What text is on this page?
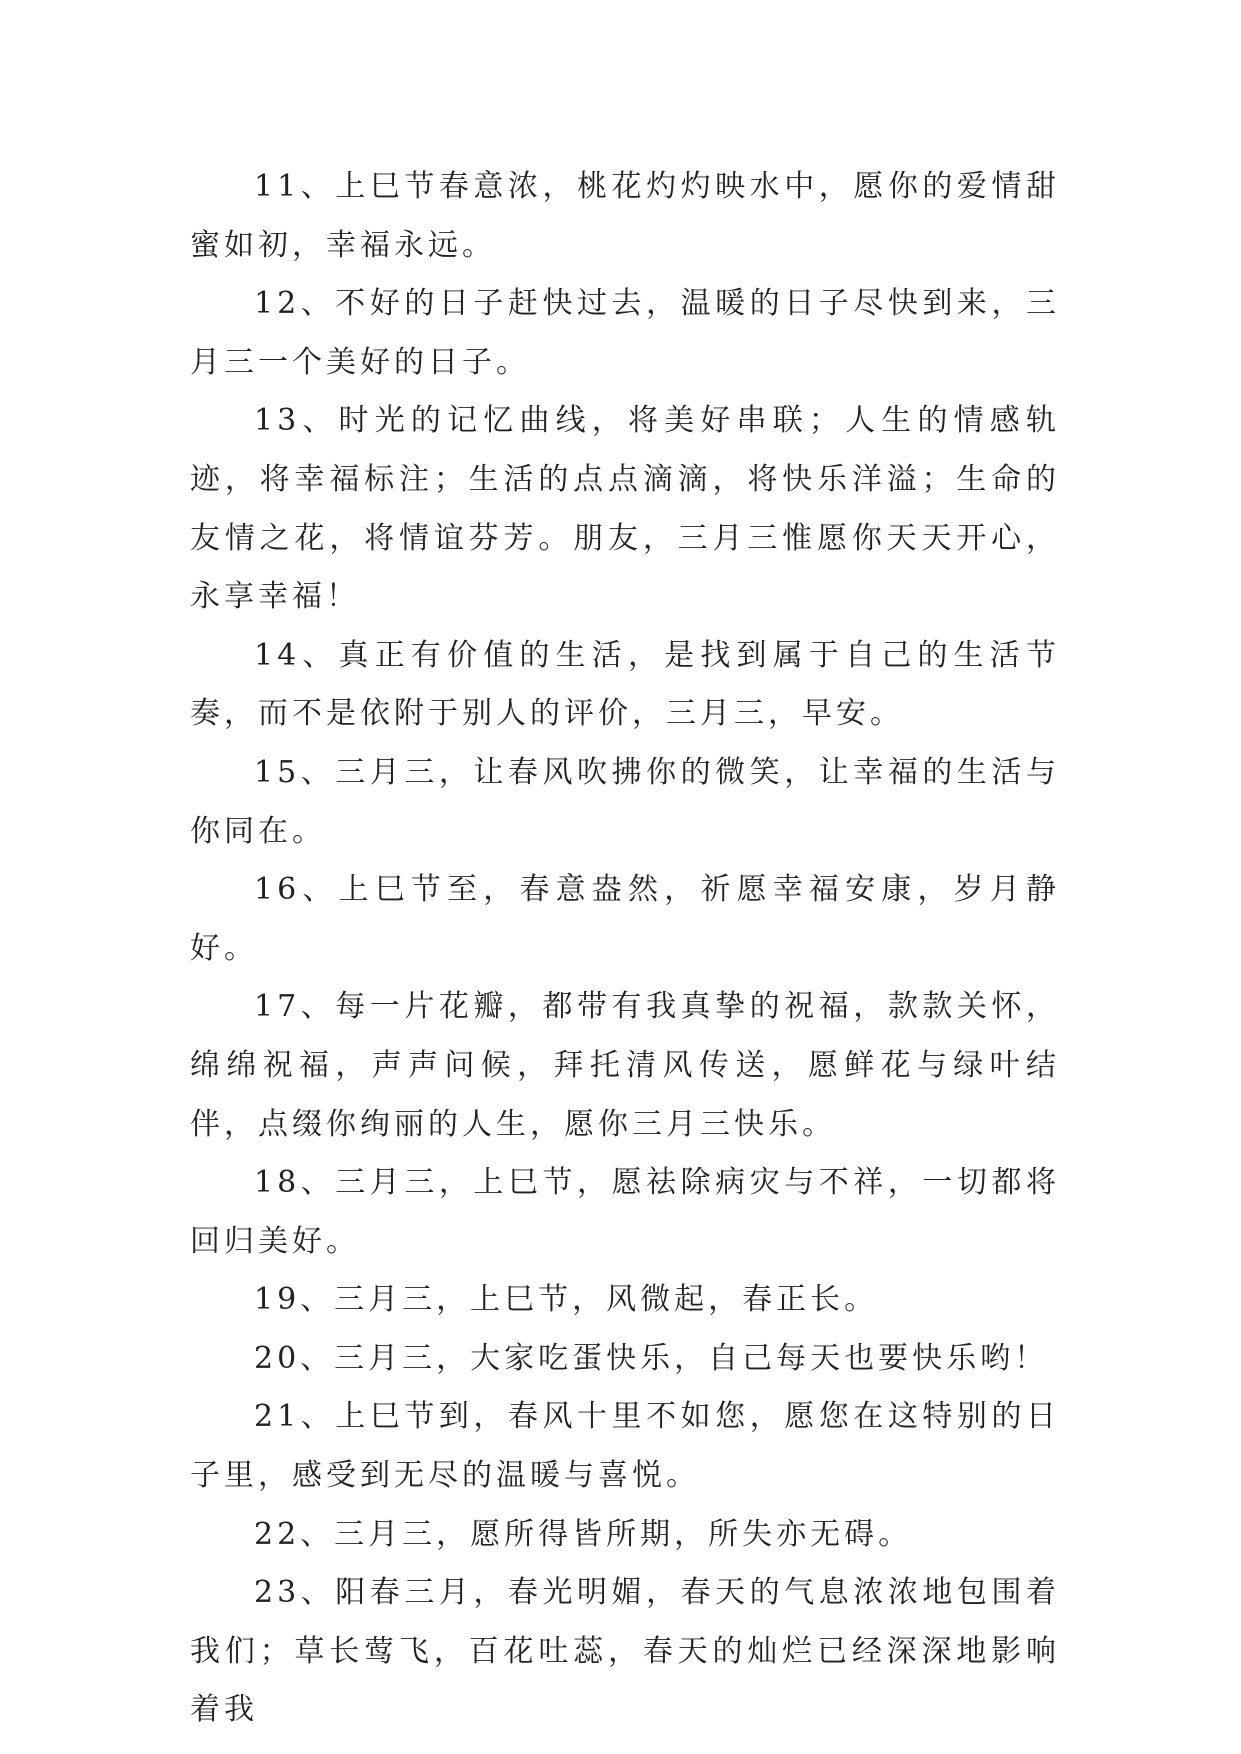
11、上巳节春意浓，桃花灼灼映水中，愿你的爱情甜蜜如初，幸福永远。

12、不好的日子赶快过去，温暖的日子尽快到来，三月三一个美好的日子。

13、时光的记忆曲线，将美好串联；人生的情感轨迹，将幸福标注；生活的点点滴滴，将快乐洋溢；生命的友情之花，将情谊芬芳。朋友，三月三惟愿你天天开心，永享幸福！

14、真正有价值的生活，是找到属于自己的生活节奏，而不是依附于别人的评价，三月三，早安。

15、三月三，让春风吹拂你的微笑，让幸福的生活与你同在。

16、上巳节至，春意盎然，祈愿幸福安康，岁月静好。

17、每一片花瓣，都带有我真挚的祝福，款款关怀，绵绵祝福，声声问候，拜托清风传送，愿鲜花与绿叶结伴，点缀你绚丽的人生，愿你三月三快乐。

18、三月三，上巳节，愿祛除病灾与不祥，一切都将回归美好。

19、三月三，上巳节，风微起，春正长。

20、三月三，大家吃蛋快乐，自己每天也要快乐哟！

21、上巳节到，春风十里不如您，愿您在这特别的日子里，感受到无尽的温暖与喜悦。

22、三月三，愿所得皆所期，所失亦无碍。

23、阳春三月，春光明媚，春天的气息浓浓地包围着我们；草长莺飞，百花吐蕊，春天的灿烂已经深深地影响着我
